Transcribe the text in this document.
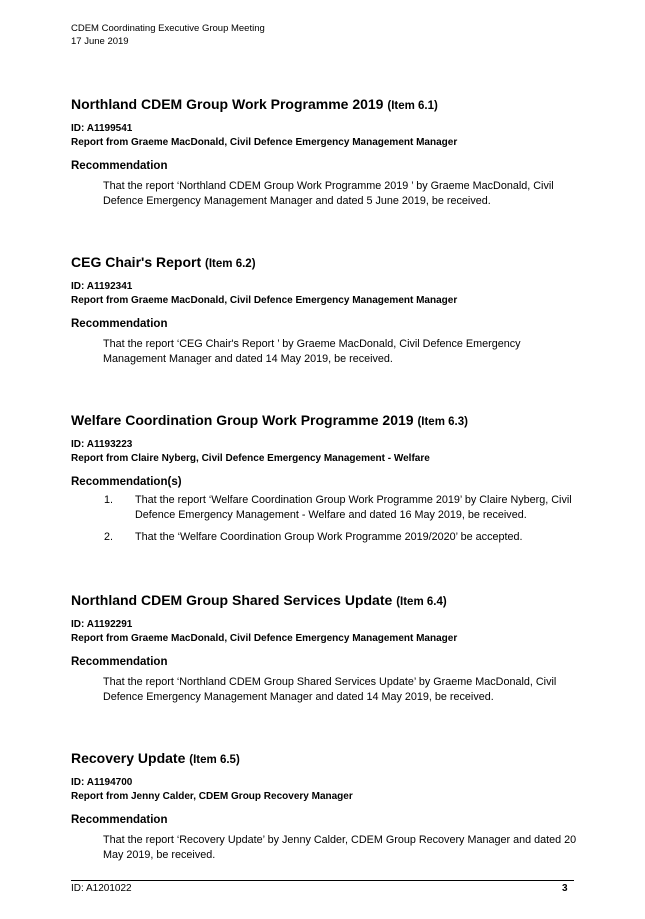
CDEM Coordinating Executive Group Meeting
17 June 2019
Northland CDEM Group Work Programme 2019 (Item 6.1)
ID: A1199541
Report from Graeme MacDonald, Civil Defence Emergency Management Manager
Recommendation
That the report ‘Northland CDEM Group Work Programme 2019 ’ by Graeme MacDonald, Civil Defence Emergency Management Manager and dated 5 June 2019, be received.
CEG Chair's Report (Item 6.2)
ID: A1192341
Report from Graeme MacDonald, Civil Defence Emergency Management Manager
Recommendation
That the report ‘CEG Chair's Report ’ by Graeme MacDonald, Civil Defence Emergency Management Manager and dated 14 May 2019, be received.
Welfare Coordination Group Work Programme 2019 (Item 6.3)
ID: A1193223
Report from Claire Nyberg, Civil Defence Emergency Management - Welfare
Recommendation(s)
1.	That the report ‘Welfare Coordination Group Work Programme 2019’ by Claire Nyberg, Civil Defence Emergency Management - Welfare and dated 16 May 2019, be received.
2.	That the ‘Welfare Coordination Group Work Programme 2019/2020’ be accepted.
Northland CDEM Group Shared Services Update (Item 6.4)
ID: A1192291
Report from Graeme MacDonald, Civil Defence Emergency Management Manager
Recommendation
That the report ‘Northland CDEM Group Shared Services Update’ by Graeme MacDonald, Civil Defence Emergency Management Manager and dated 14 May 2019, be received.
Recovery Update (Item 6.5)
ID: A1194700
Report from Jenny Calder, CDEM Group Recovery Manager
Recommendation
That the report ‘Recovery Update’ by Jenny Calder, CDEM Group Recovery Manager and dated 20 May 2019, be received.
ID: A1201022	3
